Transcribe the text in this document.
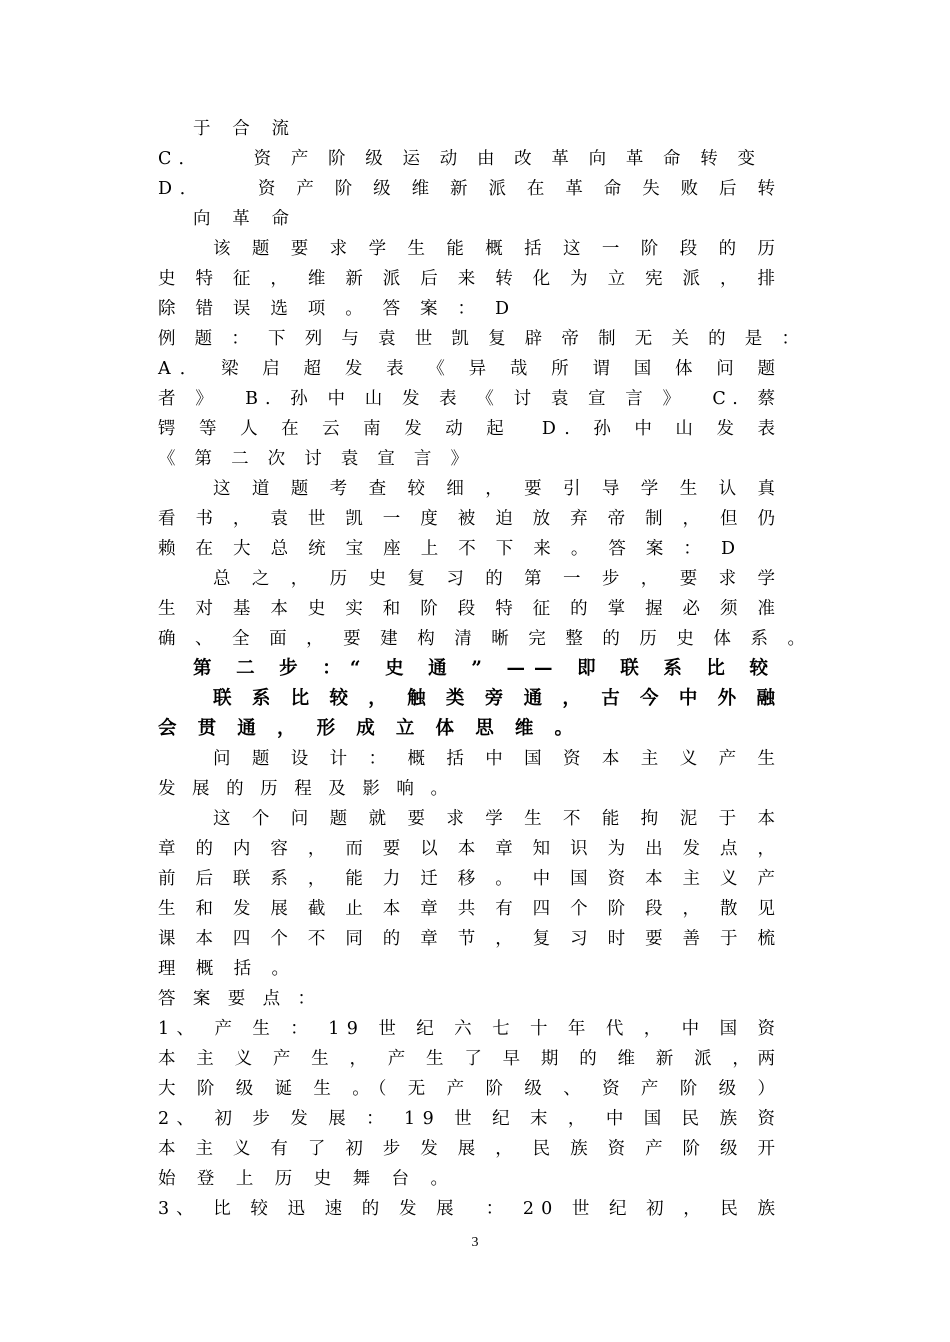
于 合 流
C．    资 产 阶 级 运 动 由 改 革 向 革 命 转 变
D．    资 产 阶 级 维 新 派 在 革 命 失 败 后 转
向 革 命
该 题 要 求 学 生 能 概 括 这 一 阶 段 的 历
史 特 征 ， 维 新 派 后 来 转 化 为 立 宪 派 ， 排
除 错 误 选 项 。 答 案 ： D
例 题 ： 下 列 与 袁 世 凯 复 辟 帝 制 无 关 的 是 ：
A． 梁 启 超 发 表 《 异 哉 所 谓 国 体 问 题
者 》  B. 孙 中 山 发 表 《 讨 袁 宣 言 》  C. 蔡
锷 等 人 在 云 南 发 动 起  D. 孙 中 山 发 表
《 第 二 次 讨 袁 宣 言 》
这 道 题 考 查 较 细 ， 要 引 导 学 生 认 真
看 书 ， 袁 世 凯 一 度 被 迫 放 弃 帝 制 ， 但 仍
赖 在 大 总 统 宝 座 上 不 下 来 。 答 案 ： D
总 之 ， 历 史 复 习 的 第 一 步 ， 要 求 学
生 对 基 本 史 实 和 阶 段 特 征 的 掌 握 必 须 准
确 、 全 面 ， 要 建 构 清 晰 完 整 的 历 史 体 系 。
第 二 步 ：“ 史 通 ” —— 即 联 系 比 较
联 系 比 较 ， 触 类 旁 通 ， 古 今 中 外 融
会 贯 通 ， 形 成 立 体 思 维 。
问 题 设 计 ： 概 括 中 国 资 本 主 义 产 生
发 展 的 历 程 及 影 响 。
这 个 问 题 就 要 求 学 生 不 能 拘 泥 于 本
章 的 内 容 ， 而 要 以 本 章 知 识 为 出 发 点 ，
前 后 联 系 ， 能 力 迁 移 。 中 国 资 本 主 义 产
生 和 发 展 截 止 本 章 共 有 四 个 阶 段 ， 散 见
课 本 四 个 不 同 的 章 节 ， 复 习 时 要 善 于 梳
理 概 括 。
答 案 要 点 ：
1、 产 生 ： 19 世 纪 六 七 十 年 代 ， 中 国 资
本 主 义 产 生 ， 产 生 了 早 期 的 维 新 派 ，两
大 阶 级 诞 生 。（ 无 产 阶 级 、 资 产 阶 级 ）
2、 初 步 发 展 ： 19 世 纪 末 ， 中 国 民 族 资
本 主 义 有 了 初 步 发 展 ， 民 族 资 产 阶 级 开
始 登 上 历 史 舞 台 。
3、 比 较 迅 速 的 发 展  ： 20 世 纪 初 ， 民 族
3
